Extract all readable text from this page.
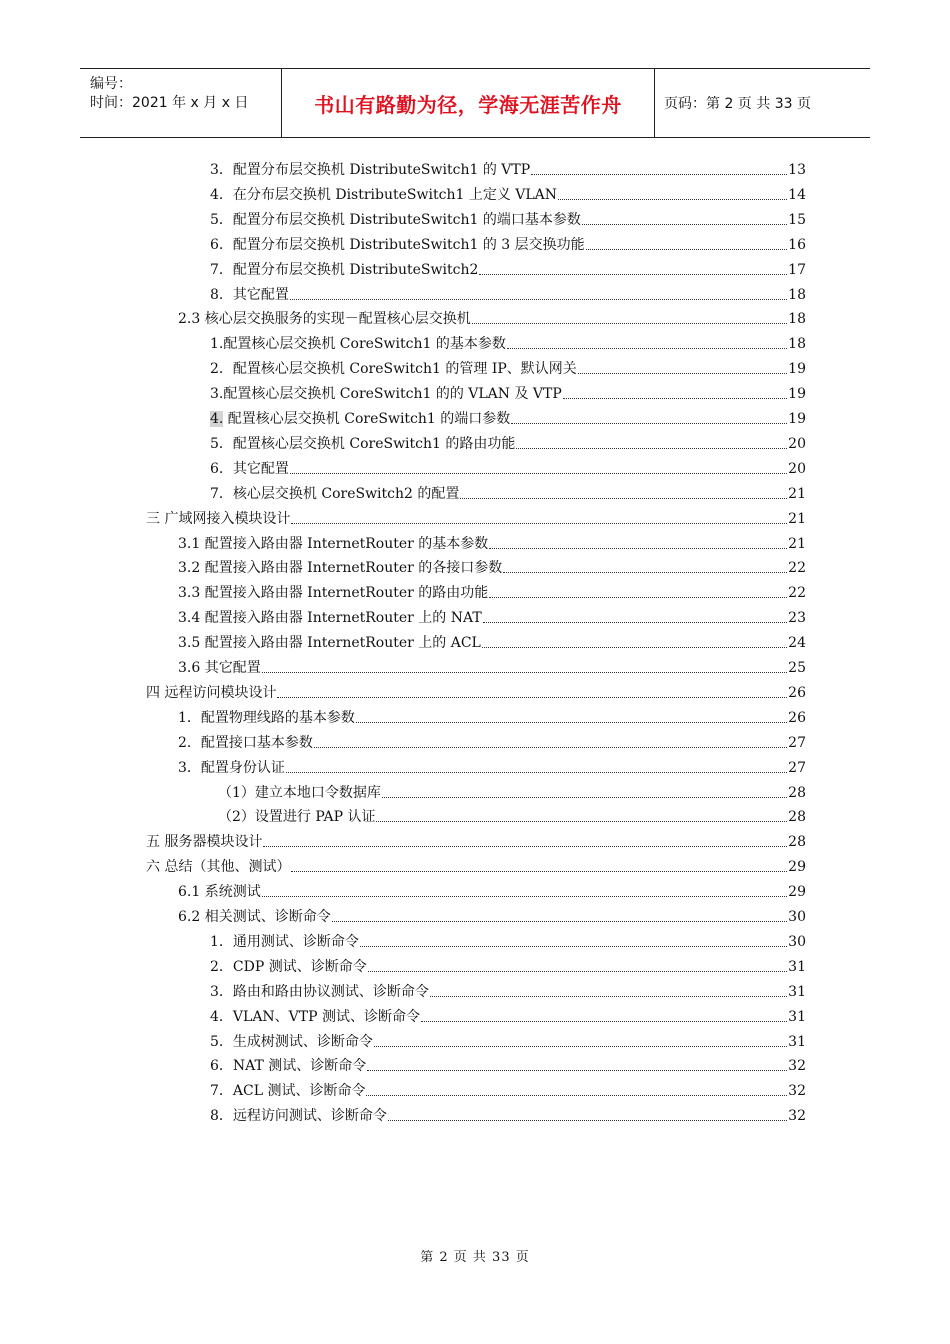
编号：
时间：2021 年 x 月 x 日	书山有路勤为径，学海无涯苦作舟	页码：第 2 页 共 33 页
3．配置分布层交换机 DistributeSwitch1 的 VTP	13
4．在分布层交换机 DistributeSwitch1 上定义 VLAN	14
5．配置分布层交换机 DistributeSwitch1 的端口基本参数	15
6．配置分布层交换机 DistributeSwitch1 的 3 层交换功能	16
7．配置分布层交换机 DistributeSwitch2	17
8．其它配置	18
2.3 核心层交换服务的实现－配置核心层交换机	18
1.配置核心层交换机 CoreSwitch1 的基本参数	18
2．配置核心层交换机 CoreSwitch1 的管理 IP、默认网关	19
3.配置核心层交换机 CoreSwitch1 的的 VLAN 及 VTP	19
4. 配置核心层交换机 CoreSwitch1 的端口参数	19
5．配置核心层交换机 CoreSwitch1 的路由功能	20
6．其它配置	20
7．核心层交换机 CoreSwitch2 的配置	21
三 广域网接入模块设计	21
3.1 配置接入路由器 InternetRouter 的基本参数	21
3.2 配置接入路由器 InternetRouter 的各接口参数	22
3.3 配置接入路由器 InternetRouter 的路由功能	22
3.4 配置接入路由器 InternetRouter 上的 NAT	23
3.5 配置接入路由器 InternetRouter 上的 ACL	24
3.6 其它配置	25
四 远程访问模块设计	26
1．配置物理线路的基本参数	26
2．配置接口基本参数	27
3．配置身份认证	27
（1）建立本地口令数据库	28
（2）设置进行 PAP 认证	28
五 服务器模块设计	28
六 总结（其他、测试）	29
6.1 系统测试	29
6.2 相关测试、诊断命令	30
1．通用测试、诊断命令	30
2．CDP 测试、诊断命令	31
3．路由和路由协议测试、诊断命令	31
4．VLAN、VTP 测试、诊断命令	31
5．生成树测试、诊断命令	31
6．NAT 测试、诊断命令	32
7．ACL 测试、诊断命令	32
8．远程访问测试、诊断命令	32
第 2 页 共 33 页
